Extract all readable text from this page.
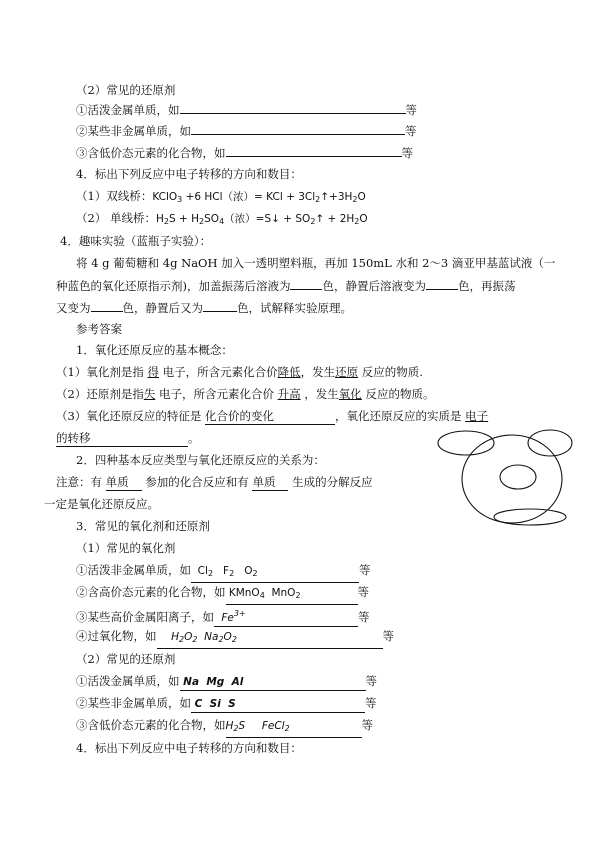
（2）常见的还原剂
①活泼金属单质，如	等
②某些非金属单质，如	等
③含低价态元素的化合物，如	等
4．标出下列反应中电子转移的方向和数目：
（1）双线桥：KClO$_3$ +6 HCl（浓）= KCl + $3Cl_2↑+3H_2O$
（2） 单线桥：$H_2S + H_2SO_4$（浓）=S↓ + $SO_2↑ + 2H_2O$
4．趣味实验（蓝瓶子实验）：
将 4 g 葡萄糖和 4g NaOH 加入一透明塑料瓶，再加 150mL 水和 2～3 滴亚甲基蓝试液（一
种蓝色的氧化还原指示剂)，加盖振荡后溶液为	色，静置后溶液变为	色，再振荡
又变为	色，静置后又为	色，试解释实验原理。
参考答案
1．氧化还原反应的基本概念：
（1）氧化剂是指 得 电子，所含元素化合价降低，发生还原 反应的物质.
（2）还原剂是指失 电子，所含元素化合价 升高 ，发生氧化 反应的物质。
（3）氧化还原反应的特征是 化合价的变化	，氧化还原反应的实质是 电子
的转移	。
2．四种基本反应类型与氧化还原反应的关系为：
注意：有 单质 参加的化合反应和有 单质 生成的分解反应
一定是氧化还原反应。
3．常见的氧化剂和还原剂
（1）常见的氧化剂
①活泼非金属单质，如  $Cl_2$   $F_2$   $O_2$	等
②含高价态元素的化合物，如 KMnO$_4$  MnO$_2$	等
③某些高价金属阳离子，如 $Fe^{3+}$	等
④过氧化物，如 $H_2O_2$  $Na_2O_2$	等
（2）常见的还原剂
①活泼金属单质，如 Na  Mg  Al	等
②某些非金属单质，如 C  Si  S	等
③含低价态元素的化合物，如$H_2S$     FeCl$_2$	等
4．标出下列反应中电子转移的方向和数目：
